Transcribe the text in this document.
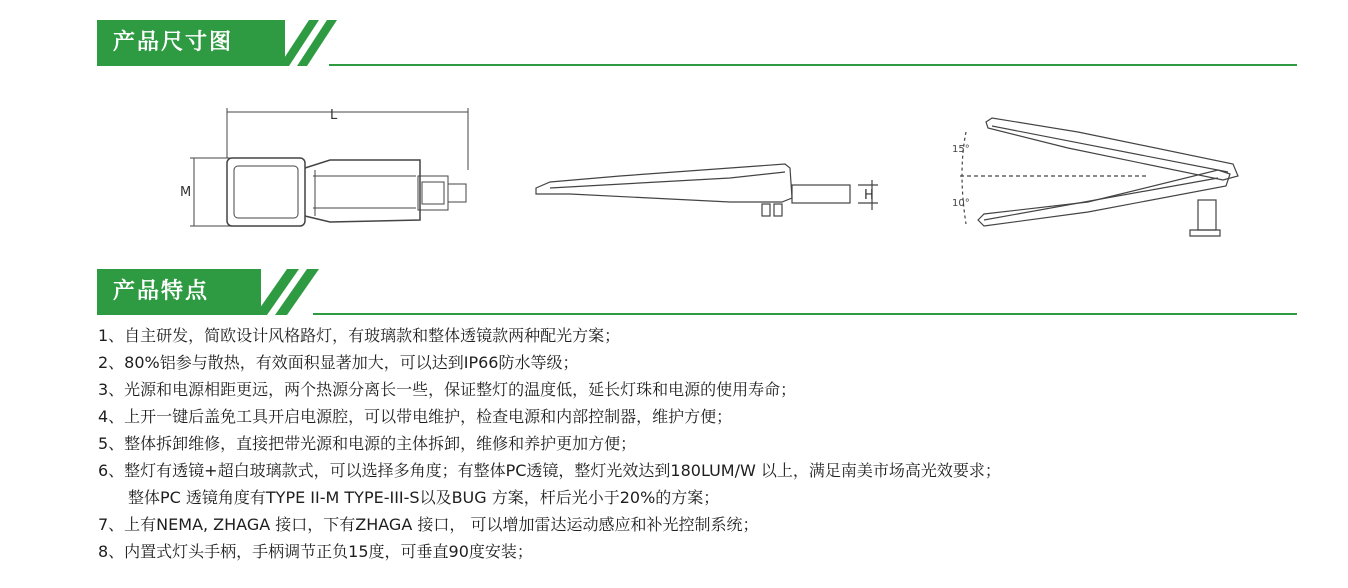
产品尺寸图
L
M	H
15°
10°
产品特点
1、自主研发，简欧设计风格路灯，有玻璃款和整体透镜款两种配光方案；
2、80%铝参与散热，有效面积显著加大，可以达到IP66防水等级；
3、光源和电源相距更远，两个热源分离长一些，保证整灯的温度低，延长灯珠和电源的使用寿命；
4、上开一键后盖免工具开启电源腔，可以带电维护，检查电源和内部控制器，维护方便；
5、整体拆卸维修，直接把带光源和电源的主体拆卸，维修和养护更加方便；
6、整灯有透镜+超白玻璃款式，可以选择多角度；有整体PC透镜，整灯光效达到180LUM/W 以上，满足南美市场高光效要求；
整体PC 透镜角度有TYPE II-M TYPE-III-S以及BUG 方案，杆后光小于20%的方案；
7、上有NEMA, ZHAGA 接口，下有ZHAGA 接口， 可以增加雷达运动感应和补光控制系统；
8、内置式灯头手柄，手柄调节正负15度，可垂直90度安装；
